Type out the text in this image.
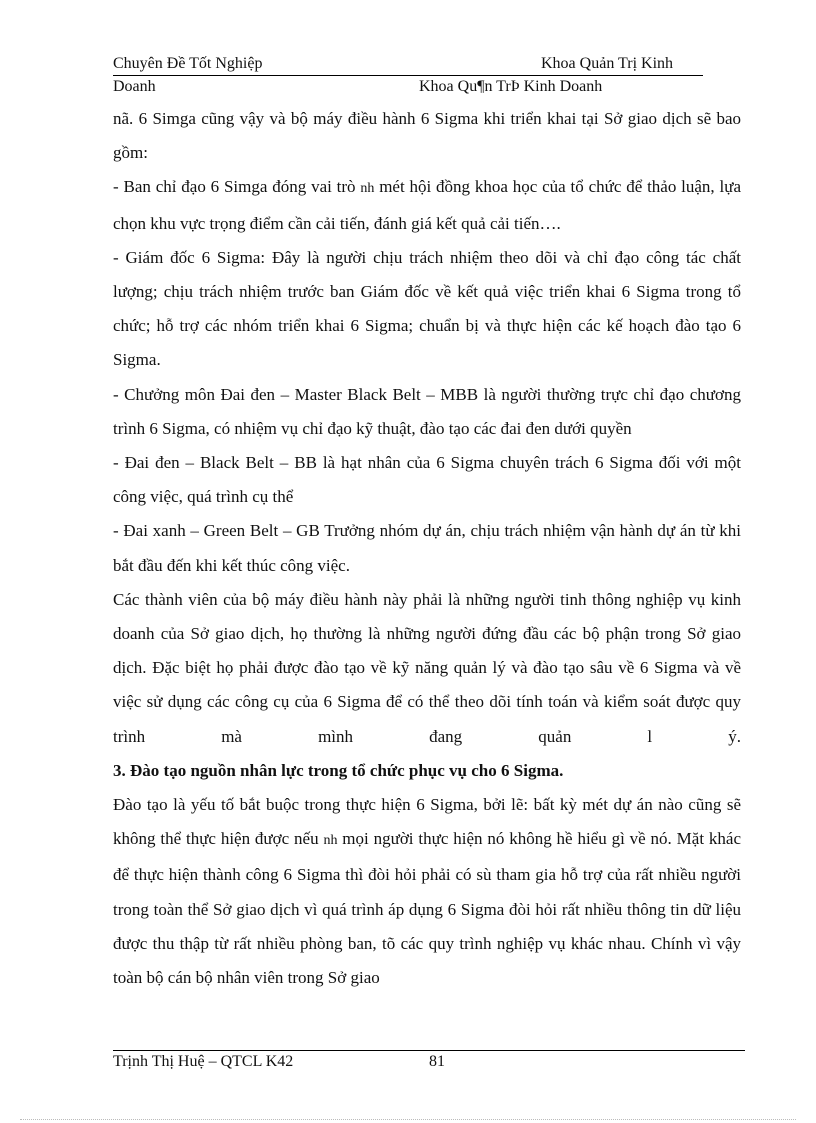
Chuyên Đề Tốt Nghiệp	Khoa Quản Trị Kinh
Doanh	Khoa Qu¶n TrÞ Kinh Doanh

nã. 6 Simga cũng vậy và bộ máy điều hành 6 Sigma khi triển khai tại Sở giao dịch sẽ bao gồm:

- Ban chỉ đạo 6 Simga đóng vai trò nh mét hội đồng khoa học của tổ chức để thảo luận, lựa chọn khu vực trọng điểm cần cải tiến, đánh giá kết quả cải tiến….

- Giám đốc 6 Sigma: Đây là người chịu trách nhiệm theo dõi và chỉ đạo công tác chất lượng; chịu trách nhiệm trước ban Giám đốc về kết quả việc triển khai 6 Sigma trong tổ chức; hỗ trợ các nhóm triển khai 6 Sigma; chuẩn bị và thực hiện các kế hoạch đào tạo 6 Sigma.

- Chưởng môn Đai đen – Master Black Belt – MBB là người thường trực chỉ đạo chương trình 6 Sigma, có nhiệm vụ chỉ đạo kỹ thuật, đào tạo các đai đen dưới quyền

- Đai đen – Black Belt – BB là hạt nhân của 6 Sigma chuyên trách 6 Sigma đối với một công việc, quá trình cụ thể

- Đai xanh – Green Belt – GB Trưởng nhóm dự án, chịu trách nhiệm vận hành dự án từ khi bắt đầu đến khi kết thúc công việc.

Các thành viên của bộ máy điều hành này phải là những người tinh thông nghiệp vụ kinh doanh của Sở giao dịch, họ thường là những người đứng đầu các bộ phận trong Sở giao dịch. Đặc biệt họ phải được đào tạo về kỹ năng quản lý và đào tạo sâu về 6 Sigma và về việc sử dụng các công cụ của 6 Sigma để có thể theo dõi tính toán và kiểm soát được quy trình mà mình đang quản l ý.

3. Đào tạo nguồn nhân lực trong tổ chức phục vụ cho 6 Sigma.

Đào tạo là yếu tố bắt buộc trong thực hiện 6 Sigma, bởi lẽ: bất kỳ mét dự án nào cũng sẽ không thể thực hiện được nếu nh mọi người thực hiện nó không hề hiểu gì về nó. Mặt khác để thực hiện thành công 6 Sigma thì đòi hỏi phải có sù tham gia hỗ trợ của rất nhiều người trong toàn thể Sở giao dịch vì quá trình áp dụng 6 Sigma đòi hỏi rất nhiều thông tin dữ liệu được thu thập từ rất nhiều phòng ban, tõ các quy trình nghiệp vụ khác nhau. Chính vì vậy toàn bộ cán bộ nhân viên trong Sở giao

Trịnh Thị Huệ – QTCL K42	81
